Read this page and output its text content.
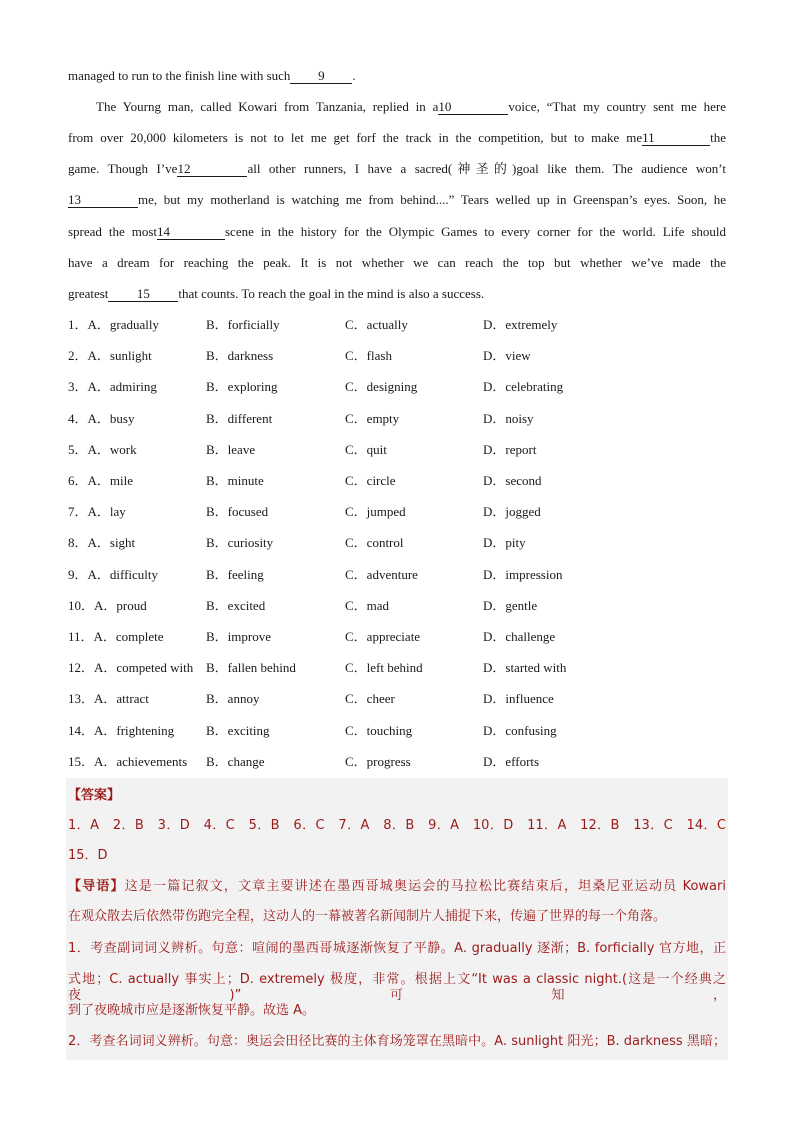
managed to run to the finish line with such 9 .
The Yourng man, called Kowari from Tanzania, replied in a10	voice, “That my country sent me here
from over 20,000 kilometers is not to let me get forf the track in the competition, but to make me11	the
game. Though I’ve12	all other runners, I have a sacred(神圣的)goal like them. The audience won’t
13	me, but my motherland is watching me from behind....” Tears welled up in Greenspan’s eyes. Soon, he
spread the most14	scene in the history for the Olympic Games to every corner for the world. Life should
have a dream for reaching the peak. It is not whether we can reach the top but whether we’ve made the
greatest 15 that counts. To reach the goal in the mind is also a success.
1．A．gradually	B．forficially	C．actually	D．extremely
2．A．sunlight	B．darkness	C．flash	D．view
3．A．admiring	B．exploring	C．designing	D．celebrating
4．A．busy	B．different	C．empty	D．noisy
5．A．work	B．leave	C．quit	D．report
6．A．mile	B．minute	C．circle	D．second
7．A．lay	B．focused	C．jumped	D．jogged
8．A．sight	B．curiosity	C．control	D．pity
9．A．difficulty	B．feeling	C．adventure	D．impression
10．A．proud	B．excited	C．mad	D．gentle
11．A．complete	B．improve	C．appreciate	D．challenge
12．A．competed with B．fallen behind	C．left behind	D．started with
13．A．attract	B．annoy	C．cheer	D．influence
14．A．frightening B．exciting	C．touching	D．confusing
15．A．achievements B．change	C．progress	D．efforts
【答案】
1．A　2．B　3．D　4．C　5．B　6．C　7．A　8．B　9．A　10．D　11．A　12．B　13．C　14．C
15．D
【导语】这是一篇记叙文，文章主要讲述在墨西哥城奥运会的马拉松比赛结束后，坦桑尼亚运动员 Kowari
在观众散去后依然带伤跑完全程，这动人的一幕被著名新闻制片人捕捉下来，传遍了世界的每一个角落。
1．考查副词词义辨析。句意：喧闹的墨西哥城逐渐恢复了平静。A. gradually 逐渐；B. forficially 官方地，正
式地；C. actually 事实上；D. extremely 极度，非常。根据上文“It was a classic night.(这是一个经典之夜)”可知，
到了夜晚城市应是逐渐恢复平静。故选 A。
2．考查名词词义辨析。句意：奥运会田径比赛的主体育场笼罩在黑暗中。A. sunlight 阳光；B. darkness 黑暗；
